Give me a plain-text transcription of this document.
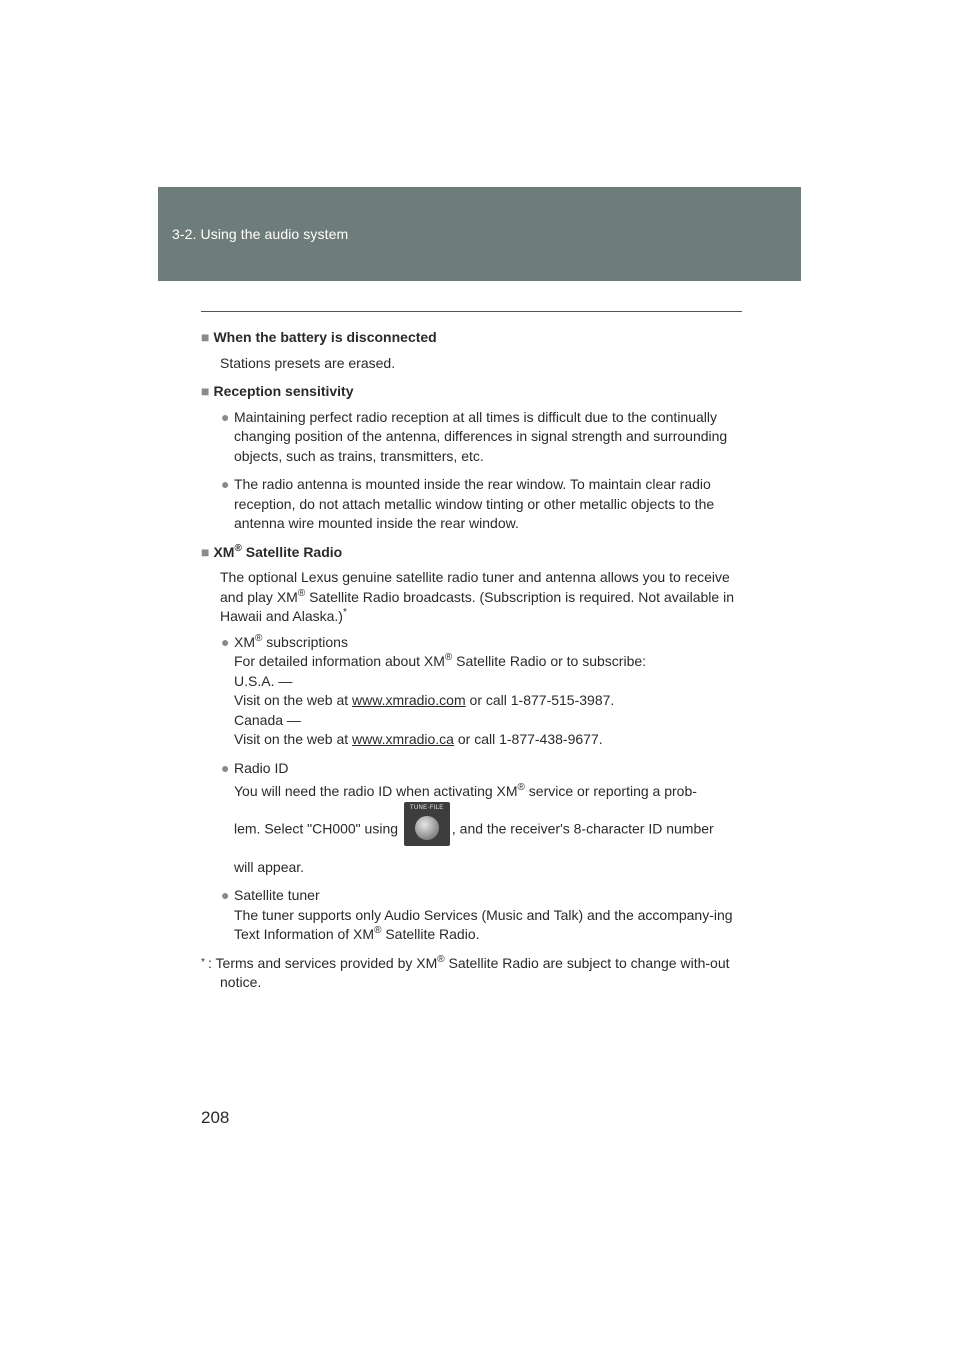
3-2. Using the audio system

■ When the battery is disconnected

Stations presets are erased.

■ Reception sensitivity

● Maintaining perfect radio reception at all times is difficult due to the continually changing position of the antenna, differences in signal strength and surrounding objects, such as trains, transmitters, etc.

● The radio antenna is mounted inside the rear window. To maintain clear radio reception, do not attach metallic window tinting or other metallic objects to the antenna wire mounted inside the rear window.

■ XM® Satellite Radio

The optional Lexus genuine satellite radio tuner and antenna allows you to receive and play XM® Satellite Radio broadcasts. (Subscription is required. Not available in Hawaii and Alaska.)*

● XM® subscriptions

For detailed information about XM® Satellite Radio or to subscribe:

U.S.A. —

Visit on the web at www.xmradio.com or call 1-877-515-3987.

Canada —

Visit on the web at www.xmradio.ca or call 1-877-438-9677.

● Radio ID

You will need the radio ID when activating XM® service or reporting a prob-

lem. Select "CH000" using
TUNE·FILE
, and the receiver's 8-character ID number

will appear.

● Satellite tuner

The tuner supports only Audio Services (Music and Talk) and the accompany-ing Text Information of XM® Satellite Radio.

* : Terms and services provided by XM® Satellite Radio are subject to change with-out notice.

208
